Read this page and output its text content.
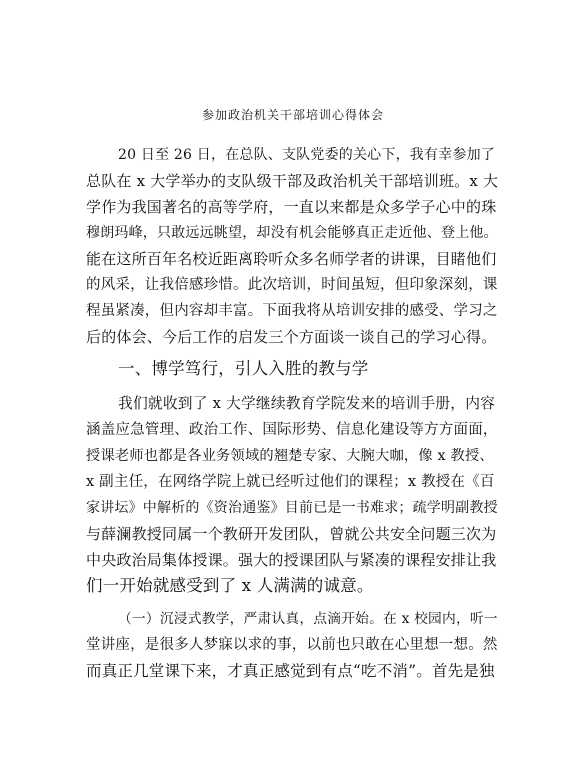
参加政治机关干部培训心得体会
20 日至 26 日，在总队、支队党委的关心下，我有幸参加了
总队在 x 大学举办的支队级干部及政治机关干部培训班。x 大
学作为我国著名的高等学府，一直以来都是众多学子心中的珠
穆朗玛峰，只敢远远眺望，却没有机会能够真正走近他、登上他。
能在这所百年名校近距离聆听众多名师学者的讲课，目睹他们
的风采，让我倍感珍惜。此次培训，时间虽短，但印象深刻，课
程虽紧凑，但内容却丰富。下面我将从培训安排的感受、学习之
后的体会、今后工作的启发三个方面谈一谈自己的学习心得。
一、博学笃行，引人入胜的教与学
我们就收到了 x 大学继续教育学院发来的培训手册，内容
涵盖应急管理、政治工作、国际形势、信息化建设等方方面面，
授课老师也都是各业务领域的翘楚专家、大腕大咖，像 x 教授、
x 副主任，在网络学院上就已经听过他们的课程；x 教授在《百
家讲坛》中解析的《资治通鉴》目前已是一书难求；疏学明副教授
与薛澜教授同属一个教研开发团队，曾就公共安全问题三次为
中央政治局集体授课。强大的授课团队与紧凑的课程安排让我
们一开始就感受到了 x 人满满的诚意。
（一）沉浸式教学，严肃认真，点滴开始。在 x 校园内，听一
堂讲座，是很多人梦寐以求的事，以前也只敢在心里想一想。然
而真正几堂课下来，才真正感觉到有点“吃不消”。首先是独
